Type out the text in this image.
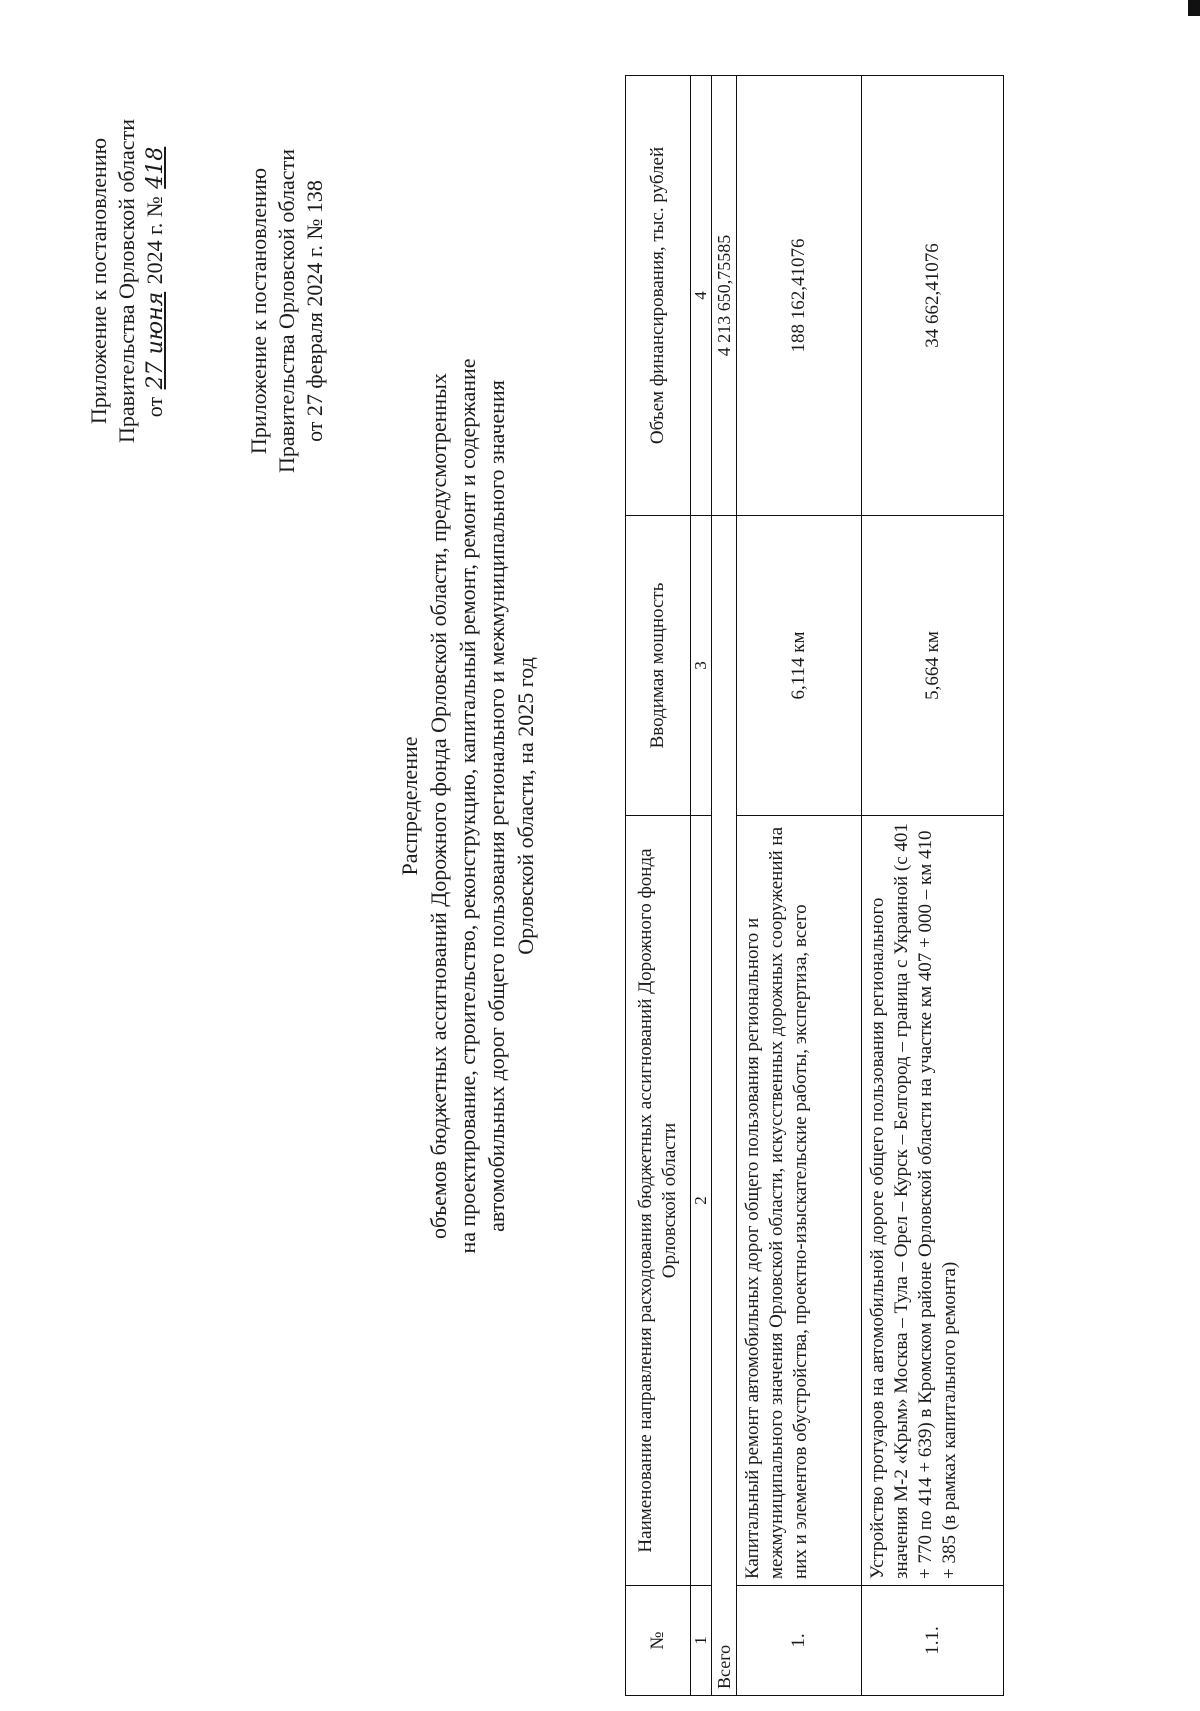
Приложение к постановлению Правительства Орловской области от 27 июня 2024 г. № 418
Приложение к постановлению Правительства Орловской области от 27 февраля 2024 г. № 138
Распределение объемов бюджетных ассигнований Дорожного фонда Орловской области, предусмотренных на проектирование, строительство, реконструкцию, капитальный ремонт, ремонт и содержание автомобильных дорог общего пользования регионального и межмуниципального значения Орловской области, на 2025 год
№	Наименование направления расходования бюджетных ассигнований Дорожного фонда Орловской области	Вводимая мощность	Объем финансирования, тыс. рублей
1	2	3	4
Всего			4 213 650,75585
1.	Капитальный ремонт автомобильных дорог общего пользования регионального и межмуниципального значения Орловской области, искусственных дорожных сооружений на них и элементов обустройства, проектно-изыскательские работы, экспертиза, всего	6,114 км	188 162,41076
1.1.	Устройство тротуаров на автомобильной дороге общего пользования регионального значения М-2 «Крым» Москва – Тула – Орел – Курск – Белгород – граница с Украиной (с 401 + 770 по 414 + 639) в Кромском районе Орловской области на участке км 407 + 000 – км 410 + 385 (в рамках капитального ремонта)	5,664 км	34 662,41076
